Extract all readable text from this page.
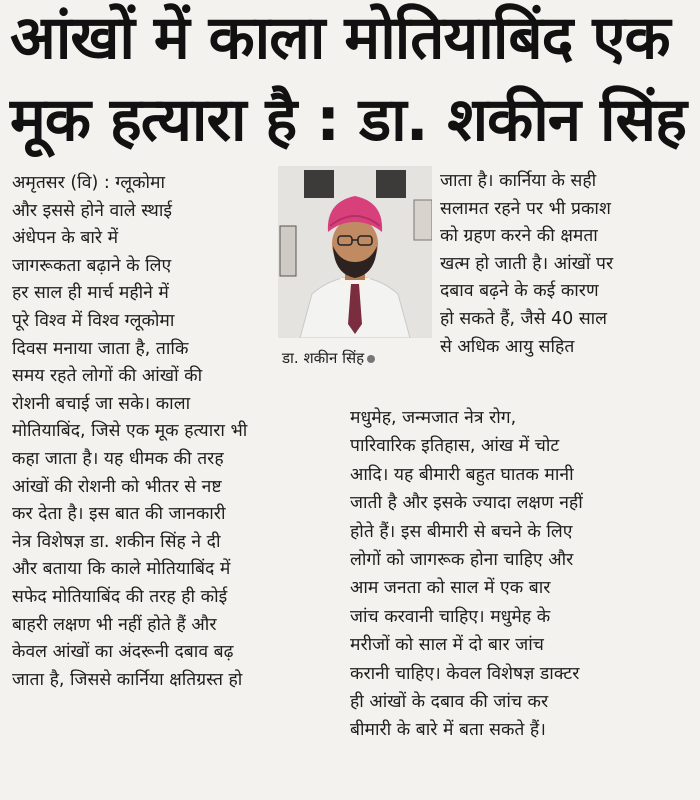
आंखों में काला मोतियाबिंद एक
मूक हत्यारा है : डा. शकीन सिंह
अमृतसर (वि) : ग्लूकोमा
और इससे होने वाले स्थाई
अंधेपन के बारे में
जागरूकता बढ़ाने के लिए
हर साल ही मार्च महीने में
पूरे विश्व में विश्व ग्लूकोमा
दिवस मनाया जाता है, ताकि
समय रहते लोगों की आंखों की
रोशनी बचाई जा सके। काला
मोतियाबिंद, जिसे एक मूक हत्यारा भी
कहा जाता है। यह धीमक की तरह
आंखों की रोशनी को भीतर से नष्ट
कर देता है। इस बात की जानकारी
नेत्र विशेषज्ञ डा. शकीन सिंह ने दी
और बताया कि काले मोतियाबिंद में
सफेद मोतियाबिंद की तरह ही कोई
बाहरी लक्षण भी नहीं होते हैं और
केवल आंखों का अंदरूनी दबाव बढ़
जाता है, जिससे कार्निया क्षतिग्रस्त हो
डा. शकीन सिंह
जाता है। कार्निया के सही
सलामत रहने पर भी प्रकाश
को ग्रहण करने की क्षमता
खत्म हो जाती है। आंखों पर
दबाव बढ़ने के कई कारण
हो सकते हैं, जैसे 40 साल
से अधिक आयु सहित
मधुमेह, जन्मजात नेत्र रोग,
पारिवारिक इतिहास, आंख में चोट
आदि। यह बीमारी बहुत घातक मानी
जाती है और इसके ज्यादा लक्षण नहीं
होते हैं। इस बीमारी से बचने के लिए
लोगों को जागरूक होना चाहिए और
आम जनता को साल में एक बार
जांच करवानी चाहिए। मधुमेह के
मरीजों को साल में दो बार जांच
करानी चाहिए। केवल विशेषज्ञ डाक्टर
ही आंखों के दबाव की जांच कर
बीमारी के बारे में बता सकते हैं।
